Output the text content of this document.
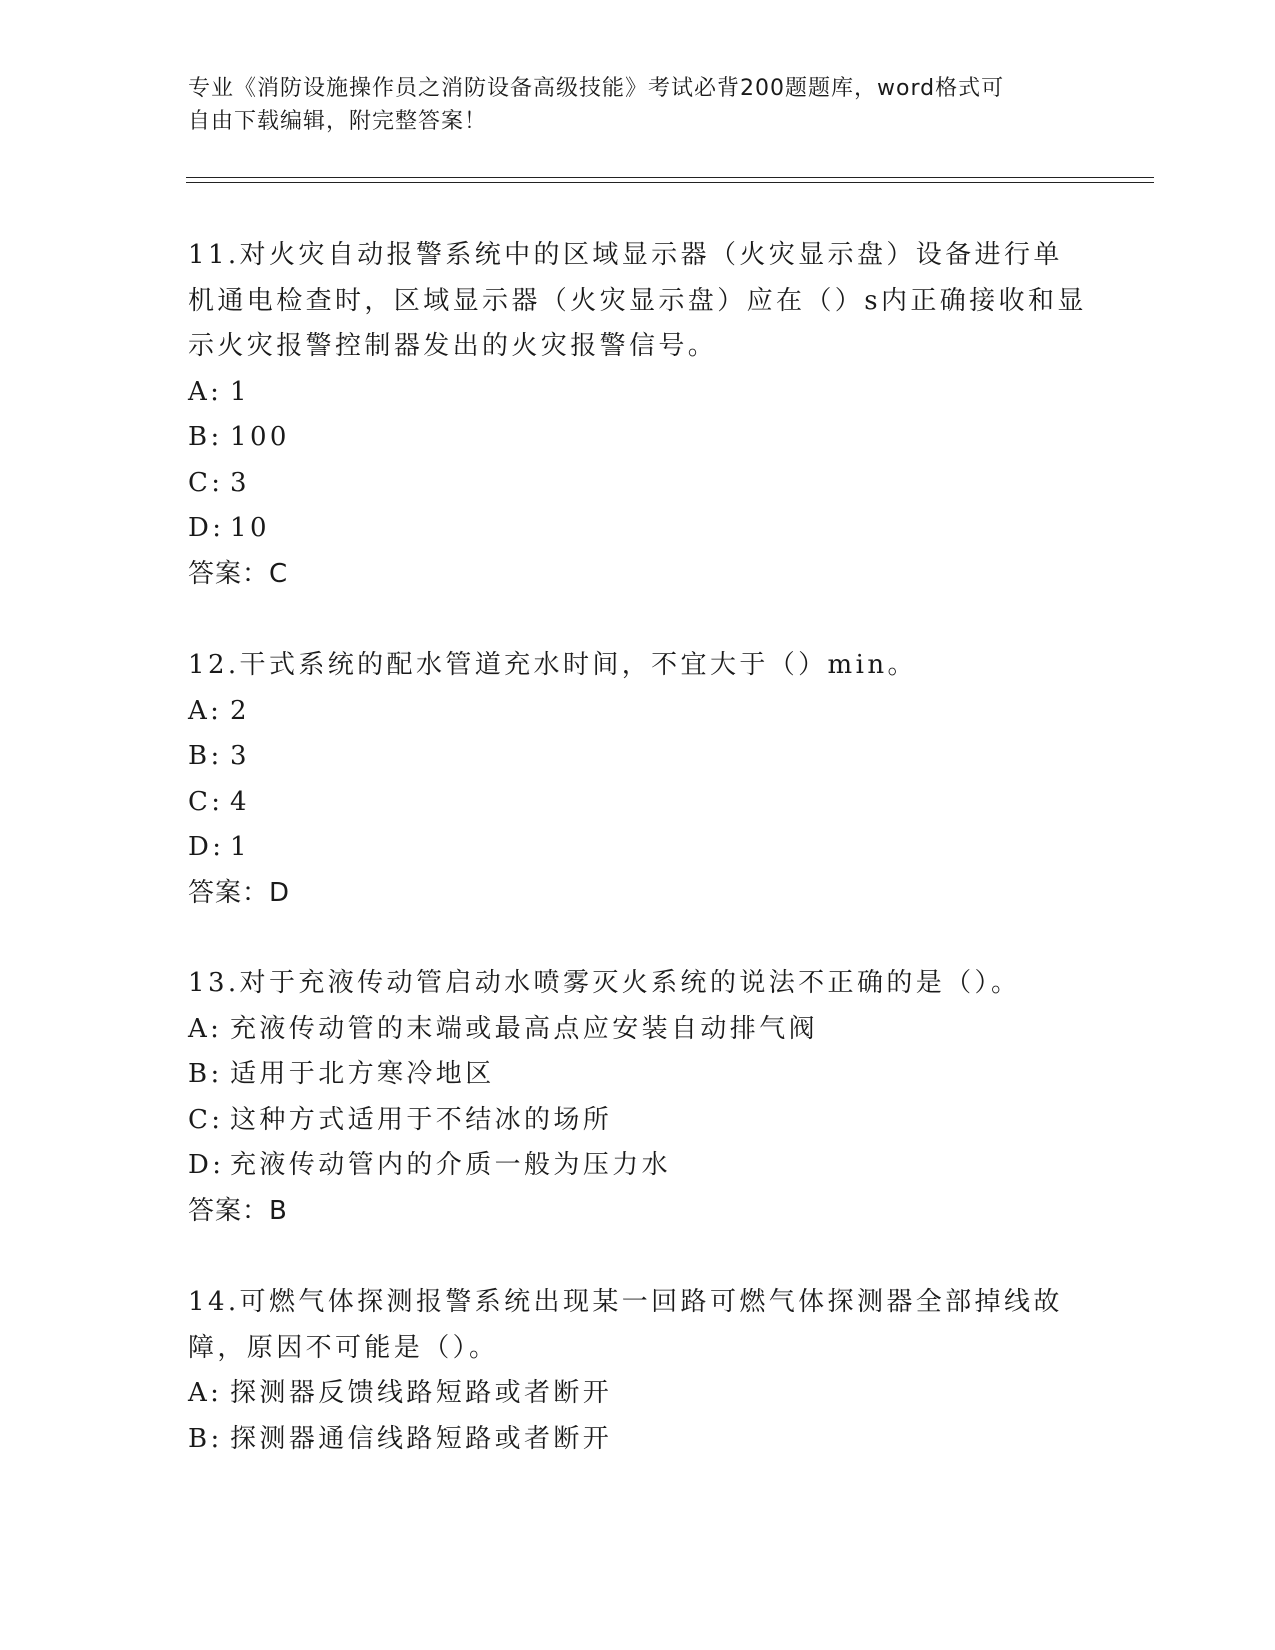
专业《消防设施操作员之消防设备高级技能》考试必背200题题库，word格式可
自由下载编辑，附完整答案！

11.对火灾自动报警系统中的区域显示器（火灾显示盘）设备进行单机通电检查时，区域显示器（火灾显示盘）应在（）s内正确接收和显示火灾报警控制器发出的火灾报警信号。

A: 1

B: 100

C: 3

D: 10

答案：C

12.干式系统的配水管道充水时间，不宜大于（）min。

A: 2

B: 3

C: 4

D: 1

答案：D

13.对于充液传动管启动水喷雾灭火系统的说法不正确的是（）。

A: 充液传动管的末端或最高点应安装自动排气阀

B: 适用于北方寒冷地区

C: 这种方式适用于不结冰的场所

D: 充液传动管内的介质一般为压力水

答案：B

14.可燃气体探测报警系统出现某一回路可燃气体探测器全部掉线故障，原因不可能是（）。

A: 探测器反馈线路短路或者断开

B: 探测器通信线路短路或者断开
